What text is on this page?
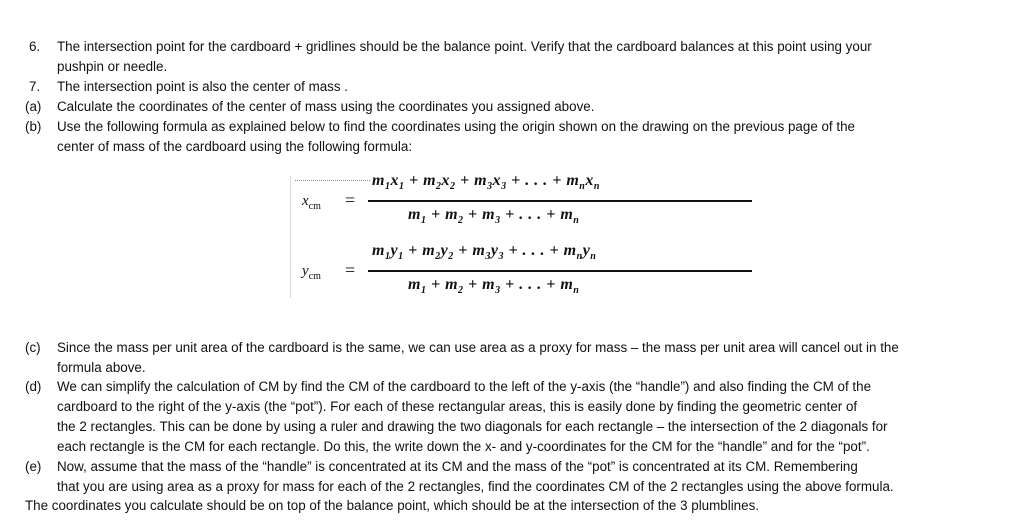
6. The intersection point for the cardboard + gridlines should be the balance point. Verify that the cardboard balances at this point using your
pushpin or needle.
7. The intersection point is also the center of mass .
(a) Calculate the coordinates of the center of mass using the coordinates you assigned above.
(b) Use the following formula as explained below to find the coordinates using the origin shown on the drawing on the previous page of the
center of mass of the cardboard using the following formula:
$x_{cm}$ =
$m_1x_1 + m_2x_2 + m_3x_3$ + . . . + $m_nx_n$
$m_1 + m_2 + m_3$ + . . . + $m_n$
$y_{cm}$ =
$m_1y_1 + m_2y_2 + m_3y_3$ + . . . + $m_ny_n$
$m_1 + m_2 + m_3$ + . . . + $m_n$
(c) Since the mass per unit area of the cardboard is the same, we can use area as a proxy for mass – the mass per unit area will cancel out in the
formula above.
(d) We can simplify the calculation of CM by find the CM of the cardboard to the left of the y-axis (the “handle”) and also finding the CM of the
cardboard to the right of the y-axis (the “pot”). For each of these rectangular areas, this is easily done by finding the geometric center of
the 2 rectangles. This can be done by using a ruler and drawing the two diagonals for each rectangle – the intersection of the 2 diagonals for
each rectangle is the CM for each rectangle. Do this, the write down the x- and y-coordinates for the CM for the “handle” and for the “pot”.
(e) Now, assume that the mass of the “handle” is concentrated at its CM and the mass of the “pot” is concentrated at its CM. Remembering
that you are using area as a proxy for mass for each of the 2 rectangles, find the coordinates CM of the 2 rectangles using the above formula.
The coordinates you calculate should be on top of the balance point, which should be at the intersection of the 3 plumblines.
